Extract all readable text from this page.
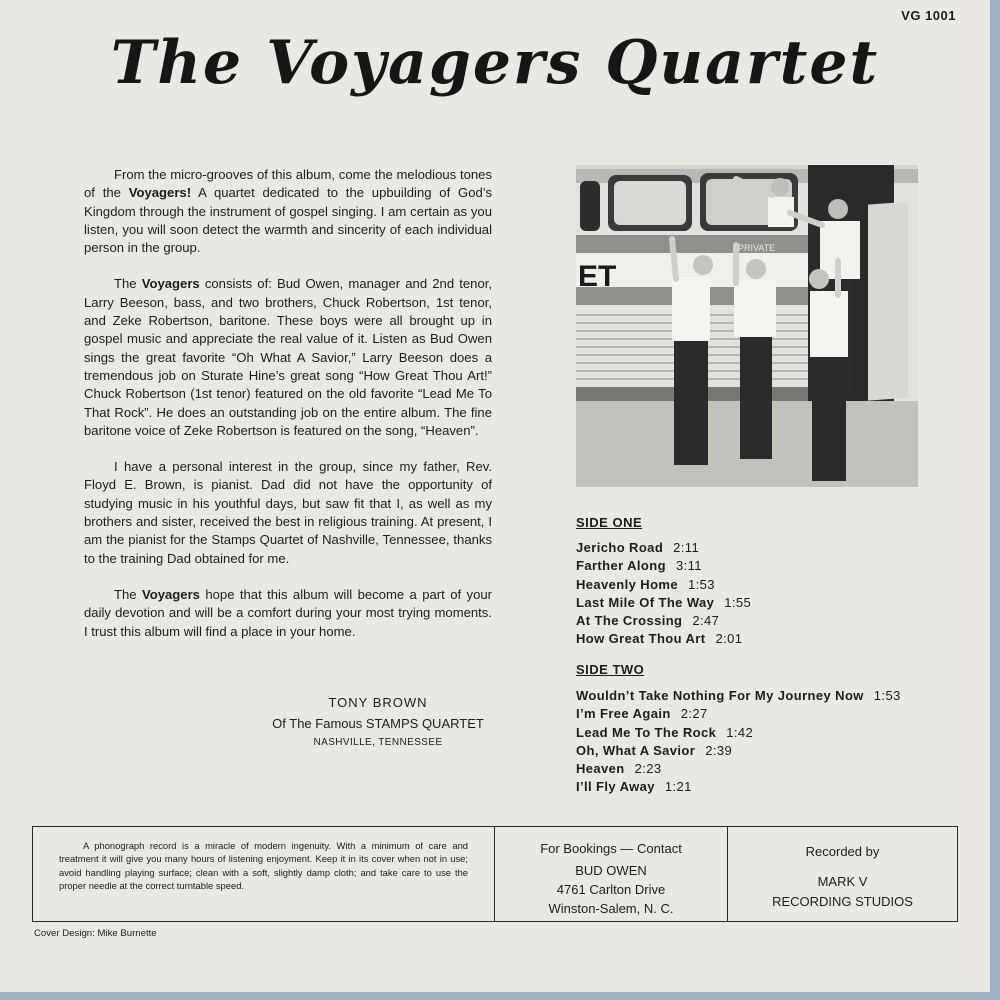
VG 1001
The Voyagers Quartet

From the micro-grooves of this album, come the melodious tones of the Voyagers! A quartet dedicated to the upbuilding of God’s Kingdom through the instrument of gospel singing. I am certain as you listen, you will soon detect the warmth and sincerity of each individual person in the group.

The Voyagers consists of: Bud Owen, manager and 2nd tenor, Larry Beeson, bass, and two brothers, Chuck Robertson, 1st tenor, and Zeke Robertson, baritone. These boys were all brought up in gospel music and appreciate the real value of it. Listen as Bud Owen sings the great favorite “Oh What A Savior,” Larry Beeson does a tremendous job on Sturate Hine’s great song “How Great Thou Art!” Chuck Robertson (1st tenor) featured on the old favorite “Lead Me To That Rock”. He does an outstanding job on the entire album. The fine baritone voice of Zeke Robertson is featured on the song, “Heaven”.

I have a personal interest in the group, since my father, Rev. Floyd E. Brown, is pianist. Dad did not have the opportunity of studying music in his youthful days, but saw fit that I, as well as my brothers and sister, received the best in religious training. At present, I am the pianist for the Stamps Quartet of Nashville, Tennessee, thanks to the training Dad obtained for me.

The Voyagers hope that this album will become a part of your daily devotion and will be a comfort during your most trying moments. I trust this album will find a place in your home.

TONY BROWN
Of The Famous STAMPS QUARTET
NASHVILLE, TENNESSEE
ET
PRIVATE
SIDE ONE
Jericho Road 2:11
Farther Along 3:11
Heavenly Home 1:53
Last Mile Of The Way 1:55
At The Crossing 2:47
How Great Thou Art 2:01
SIDE TWO
Wouldn’t Take Nothing For My Journey Now 1:53
I’m Free Again 2:27
Lead Me To The Rock 1:42
Oh, What A Savior 2:39
Heaven 2:23
I’ll Fly Away 1:21
A phonograph record is a miracle of modern ingenuity. With a minimum of care and treatment it will give you many hours of listening enjoyment. Keep it in its cover when not in use; avoid handling playing surface; clean with a soft, slightly damp cloth; and take care to use the proper needle at the correct turntable speed.
For Bookings — Contact
BUD OWEN
4761 Carlton Drive
Winston-Salem, N. C.
Recorded by
MARK V
RECORDING STUDIOS
Cover Design: Mike Burnette
